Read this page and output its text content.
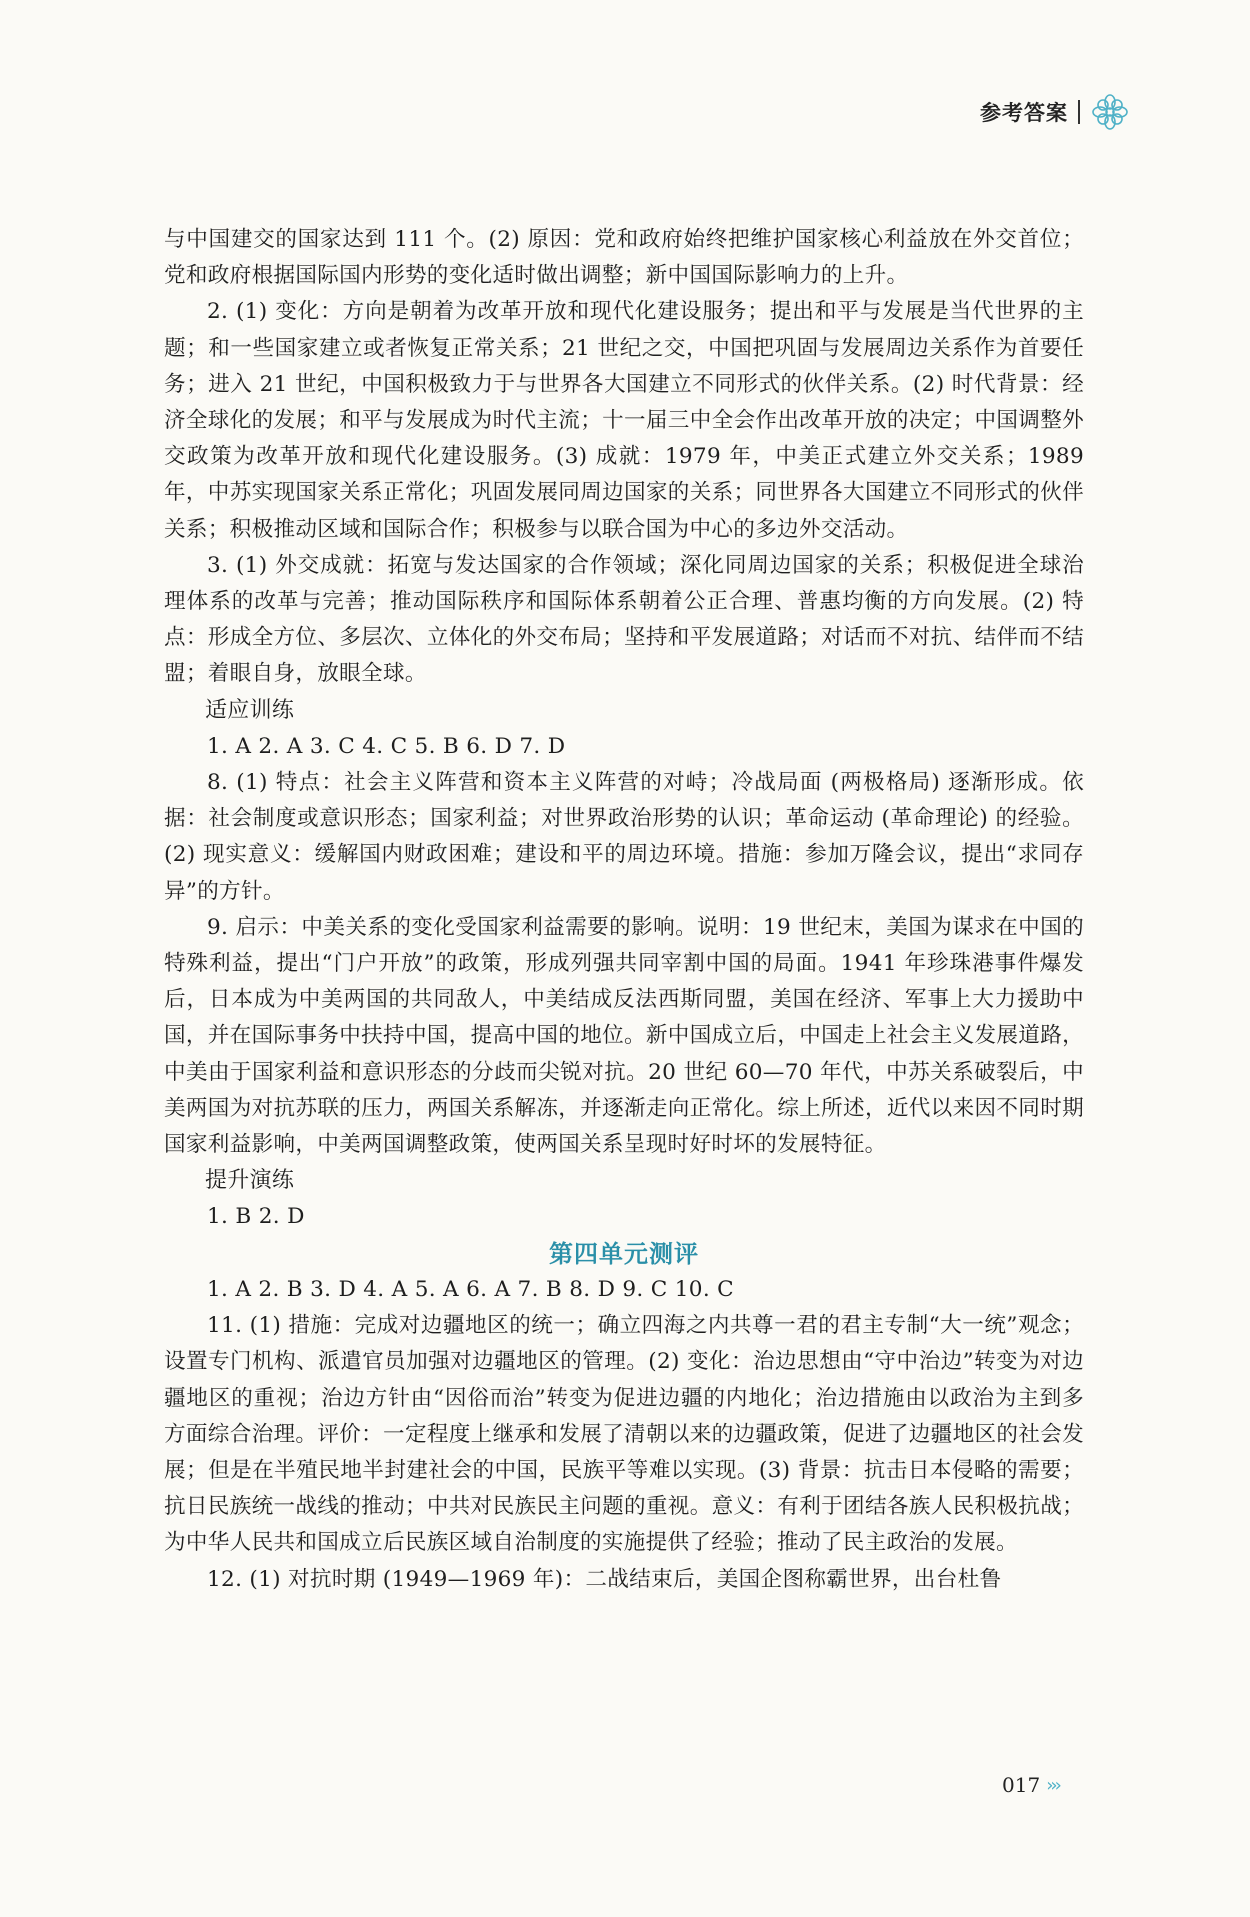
参考答案

与中国建交的国家达到 111 个。(2) 原因：党和政府始终把维护国家核心利益放在外交首位；党和政府根据国际国内形势的变化适时做出调整；新中国国际影响力的上升。

2. (1) 变化：方向是朝着为改革开放和现代化建设服务；提出和平与发展是当代世界的主题；和一些国家建立或者恢复正常关系；21 世纪之交，中国把巩固与发展周边关系作为首要任务；进入 21 世纪，中国积极致力于与世界各大国建立不同形式的伙伴关系。(2) 时代背景：经济全球化的发展；和平与发展成为时代主流；十一届三中全会作出改革开放的决定；中国调整外交政策为改革开放和现代化建设服务。(3) 成就：1979 年，中美正式建立外交关系；1989 年，中苏实现国家关系正常化；巩固发展同周边国家的关系；同世界各大国建立不同形式的伙伴关系；积极推动区域和国际合作；积极参与以联合国为中心的多边外交活动。

3. (1) 外交成就：拓宽与发达国家的合作领域；深化同周边国家的关系；积极促进全球治理体系的改革与完善；推动国际秩序和国际体系朝着公正合理、普惠均衡的方向发展。(2) 特点：形成全方位、多层次、立体化的外交布局；坚持和平发展道路；对话而不对抗、结伴而不结盟；着眼自身，放眼全球。

适应训练

1. A 2. A 3. C 4. C 5. B 6. D 7. D

8. (1) 特点：社会主义阵营和资本主义阵营的对峙；冷战局面 (两极格局) 逐渐形成。依据：社会制度或意识形态；国家利益；对世界政治形势的认识；革命运动 (革命理论) 的经验。(2) 现实意义：缓解国内财政困难；建设和平的周边环境。措施：参加万隆会议，提出“求同存异”的方针。

9. 启示：中美关系的变化受国家利益需要的影响。说明：19 世纪末，美国为谋求在中国的特殊利益，提出“门户开放”的政策，形成列强共同宰割中国的局面。1941 年珍珠港事件爆发后，日本成为中美两国的共同敌人，中美结成反法西斯同盟，美国在经济、军事上大力援助中国，并在国际事务中扶持中国，提高中国的地位。新中国成立后，中国走上社会主义发展道路，中美由于国家利益和意识形态的分歧而尖锐对抗。20 世纪 60—70 年代，中苏关系破裂后，中美两国为对抗苏联的压力，两国关系解冻，并逐渐走向正常化。综上所述，近代以来因不同时期国家利益影响，中美两国调整政策，使两国关系呈现时好时坏的发展特征。

提升演练

1. B 2. D

第四单元测评

1. A 2. B 3. D 4. A 5. A 6. A 7. B 8. D 9. C 10. C

11. (1) 措施：完成对边疆地区的统一；确立四海之内共尊一君的君主专制“大一统”观念；设置专门机构、派遣官员加强对边疆地区的管理。(2) 变化：治边思想由“守中治边”转变为对边疆地区的重视；治边方针由“因俗而治”转变为促进边疆的内地化；治边措施由以政治为主到多方面综合治理。评价：一定程度上继承和发展了清朝以来的边疆政策，促进了边疆地区的社会发展；但是在半殖民地半封建社会的中国，民族平等难以实现。(3) 背景：抗击日本侵略的需要；抗日民族统一战线的推动；中共对民族民主问题的重视。意义：有利于团结各族人民积极抗战；为中华人民共和国成立后民族区域自治制度的实施提供了经验；推动了民主政治的发展。

12. (1) 对抗时期 (1949—1969 年)：二战结束后，美国企图称霸世界，出台杜鲁

017 ›››
